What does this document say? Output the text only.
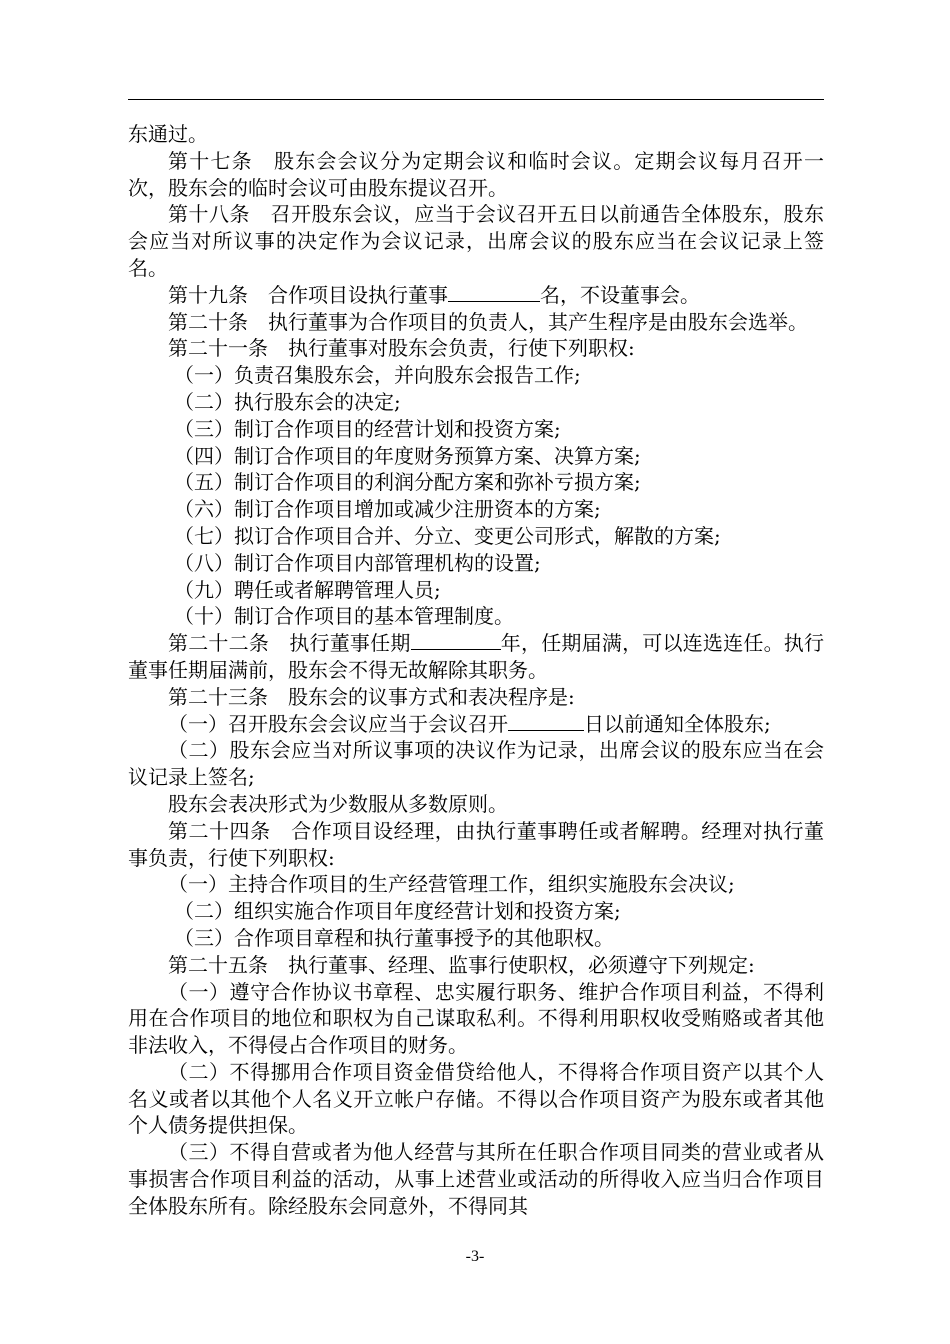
东通过。

第十七条　股东会会议分为定期会议和临时会议。定期会议每月召开一次，股东会的临时会议可由股东提议召开。

第十八条　召开股东会议，应当于会议召开五日以前通告全体股东，股东会应当对所议事的决定作为会议记录，出席会议的股东应当在会议记录上签名。

第十九条　合作项目设执行董事	名，不设董事会。

第二十条　执行董事为合作项目的负责人，其产生程序是由股东会选举。

第二十一条　执行董事对股东会负责，行使下列职权:

（一）负责召集股东会，并向股东会报告工作;

（二）执行股东会的决定;

（三）制订合作项目的经营计划和投资方案;

（四）制订合作项目的年度财务预算方案、决算方案;

（五）制订合作项目的利润分配方案和弥补亏损方案;

（六）制订合作项目增加或减少注册资本的方案;

（七）拟订合作项目合并、分立、变更公司形式，解散的方案;

（八）制订合作项目内部管理机构的设置;

（九）聘任或者解聘管理人员;

（十）制订合作项目的基本管理制度。

第二十二条　执行董事任期	年，任期届满，可以连选连任。执行董事任期届满前，股东会不得无故解除其职务。

第二十三条　股东会的议事方式和表决程序是:

（一）召开股东会会议应当于会议召开	日以前通知全体股东;

（二）股东会应当对所议事项的决议作为记录，出席会议的股东应当在会议记录上签名;

股东会表决形式为少数服从多数原则。

第二十四条　合作项目设经理，由执行董事聘任或者解聘。经理对执行董事负责，行使下列职权:

（一）主持合作项目的生产经营管理工作，组织实施股东会决议;

（二）组织实施合作项目年度经营计划和投资方案;

（三）合作项目章程和执行董事授予的其他职权。

第二十五条　执行董事、经理、监事行使职权，必须遵守下列规定:

（一）遵守合作协议书章程、忠实履行职务、维护合作项目利益，不得利用在合作项目的地位和职权为自己谋取私利。不得利用职权收受贿赂或者其他非法收入，不得侵占合作项目的财务。

（二）不得挪用合作项目资金借贷给他人，不得将合作项目资产以其个人名义或者以其他个人名义开立帐户存储。不得以合作项目资产为股东或者其他个人债务提供担保。

（三）不得自营或者为他人经营与其所在任职合作项目同类的营业或者从事损害合作项目利益的活动，从事上述营业或活动的所得收入应当归合作项目全体股东所有。除经股东会同意外，不得同其

-3-
